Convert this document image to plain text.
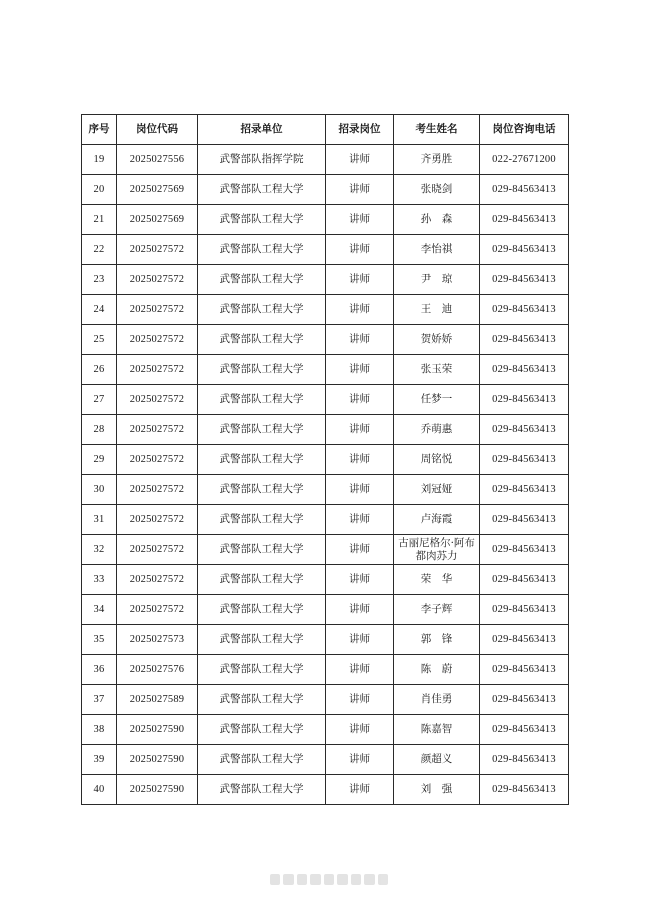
序号	岗位代码	招录单位	招录岗位	考生姓名	岗位咨询电话
19	2025027556	武警部队指挥学院	讲师	齐勇胜	022-27671200
20	2025027569	武警部队工程大学	讲师	张晓剑	029-84563413
21	2025027569	武警部队工程大学	讲师	孙　森	029-84563413
22	2025027572	武警部队工程大学	讲师	李怡祺	029-84563413
23	2025027572	武警部队工程大学	讲师	尹　琼	029-84563413
24	2025027572	武警部队工程大学	讲师	王　迪	029-84563413
25	2025027572	武警部队工程大学	讲师	贺娇娇	029-84563413
26	2025027572	武警部队工程大学	讲师	张玉荣	029-84563413
27	2025027572	武警部队工程大学	讲师	任梦一	029-84563413
28	2025027572	武警部队工程大学	讲师	乔萌惠	029-84563413
29	2025027572	武警部队工程大学	讲师	周铭悦	029-84563413
30	2025027572	武警部队工程大学	讲师	刘冠娅	029-84563413
31	2025027572	武警部队工程大学	讲师	卢海霞	029-84563413
32	2025027572	武警部队工程大学	讲师	古丽尼格尔·阿布都肉苏力	029-84563413
33	2025027572	武警部队工程大学	讲师	荣　华	029-84563413
34	2025027572	武警部队工程大学	讲师	李子辉	029-84563413
35	2025027573	武警部队工程大学	讲师	郭　锋	029-84563413
36	2025027576	武警部队工程大学	讲师	陈　蔚	029-84563413
37	2025027589	武警部队工程大学	讲师	肖佳勇	029-84563413
38	2025027590	武警部队工程大学	讲师	陈嘉智	029-84563413
39	2025027590	武警部队工程大学	讲师	颜超义	029-84563413
40	2025027590	武警部队工程大学	讲师	刘　强	029-84563413
